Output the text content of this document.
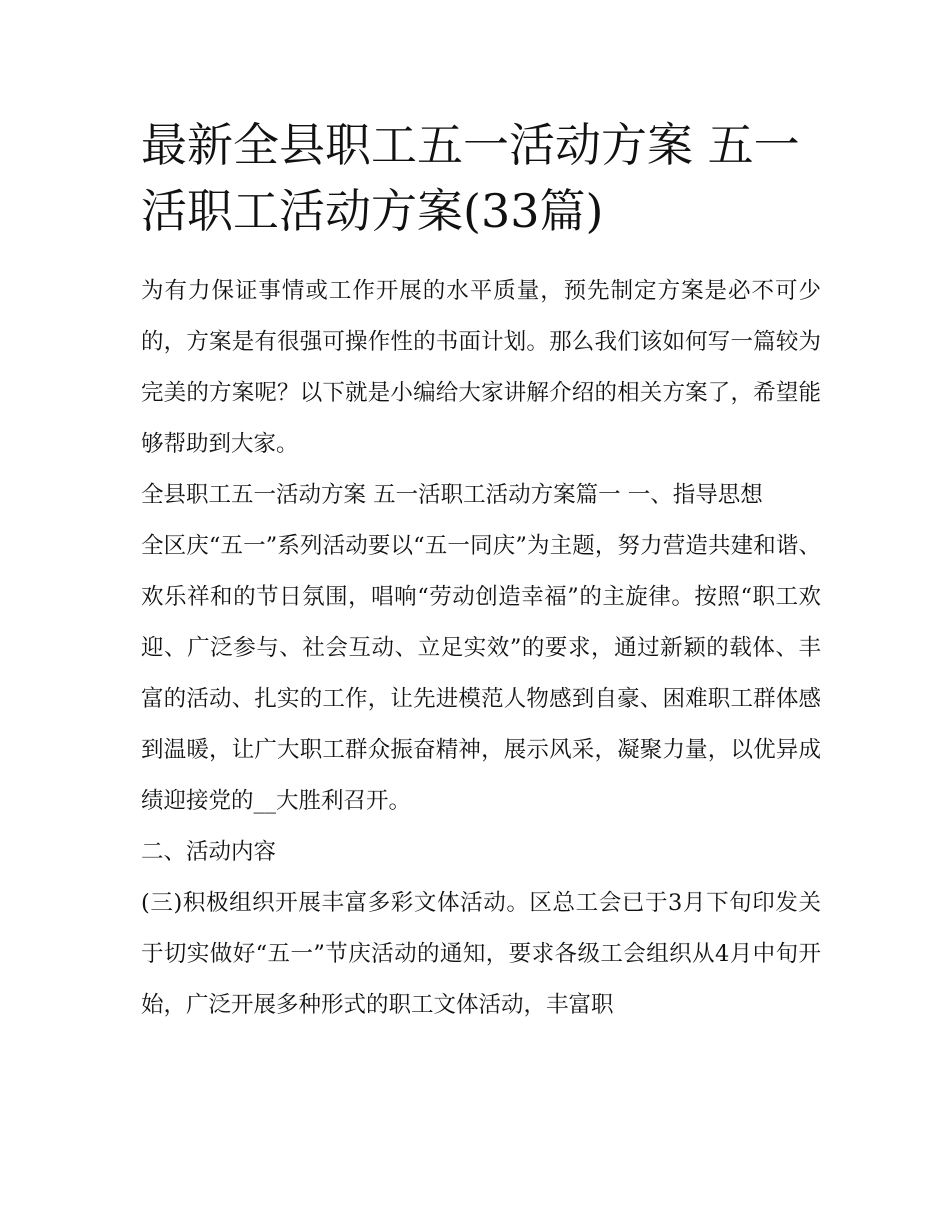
最新全县职工五一活动方案 五一活职工活动方案(33篇)

为有力保证事情或工作开展的水平质量，预先制定方案是必不可少的，方案是有很强可操作性的书面计划。那么我们该如何写一篇较为完美的方案呢？以下就是小编给大家讲解介绍的相关方案了，希望能够帮助到大家。

全县职工五一活动方案 五一活职工活动方案篇一 一、指导思想

全区庆“五一”系列活动要以“五一同庆”为主题，努力营造共建和谐、欢乐祥和的节日氛围，唱响“劳动创造幸福”的主旋律。按照“职工欢迎、广泛参与、社会互动、立足实效”的要求，通过新颖的载体、丰富的活动、扎实的工作，让先进模范人物感到自豪、困难职工群体感到温暖，让广大职工群众振奋精神，展示风采，凝聚力量，以优异成绩迎接党的__大胜利召开。

二、活动内容

(三)积极组织开展丰富多彩文体活动。区总工会已于3月下旬印发关于切实做好“五一”节庆活动的通知，要求各级工会组织从4月中旬开始，广泛开展多种形式的职工文体活动，丰富职
